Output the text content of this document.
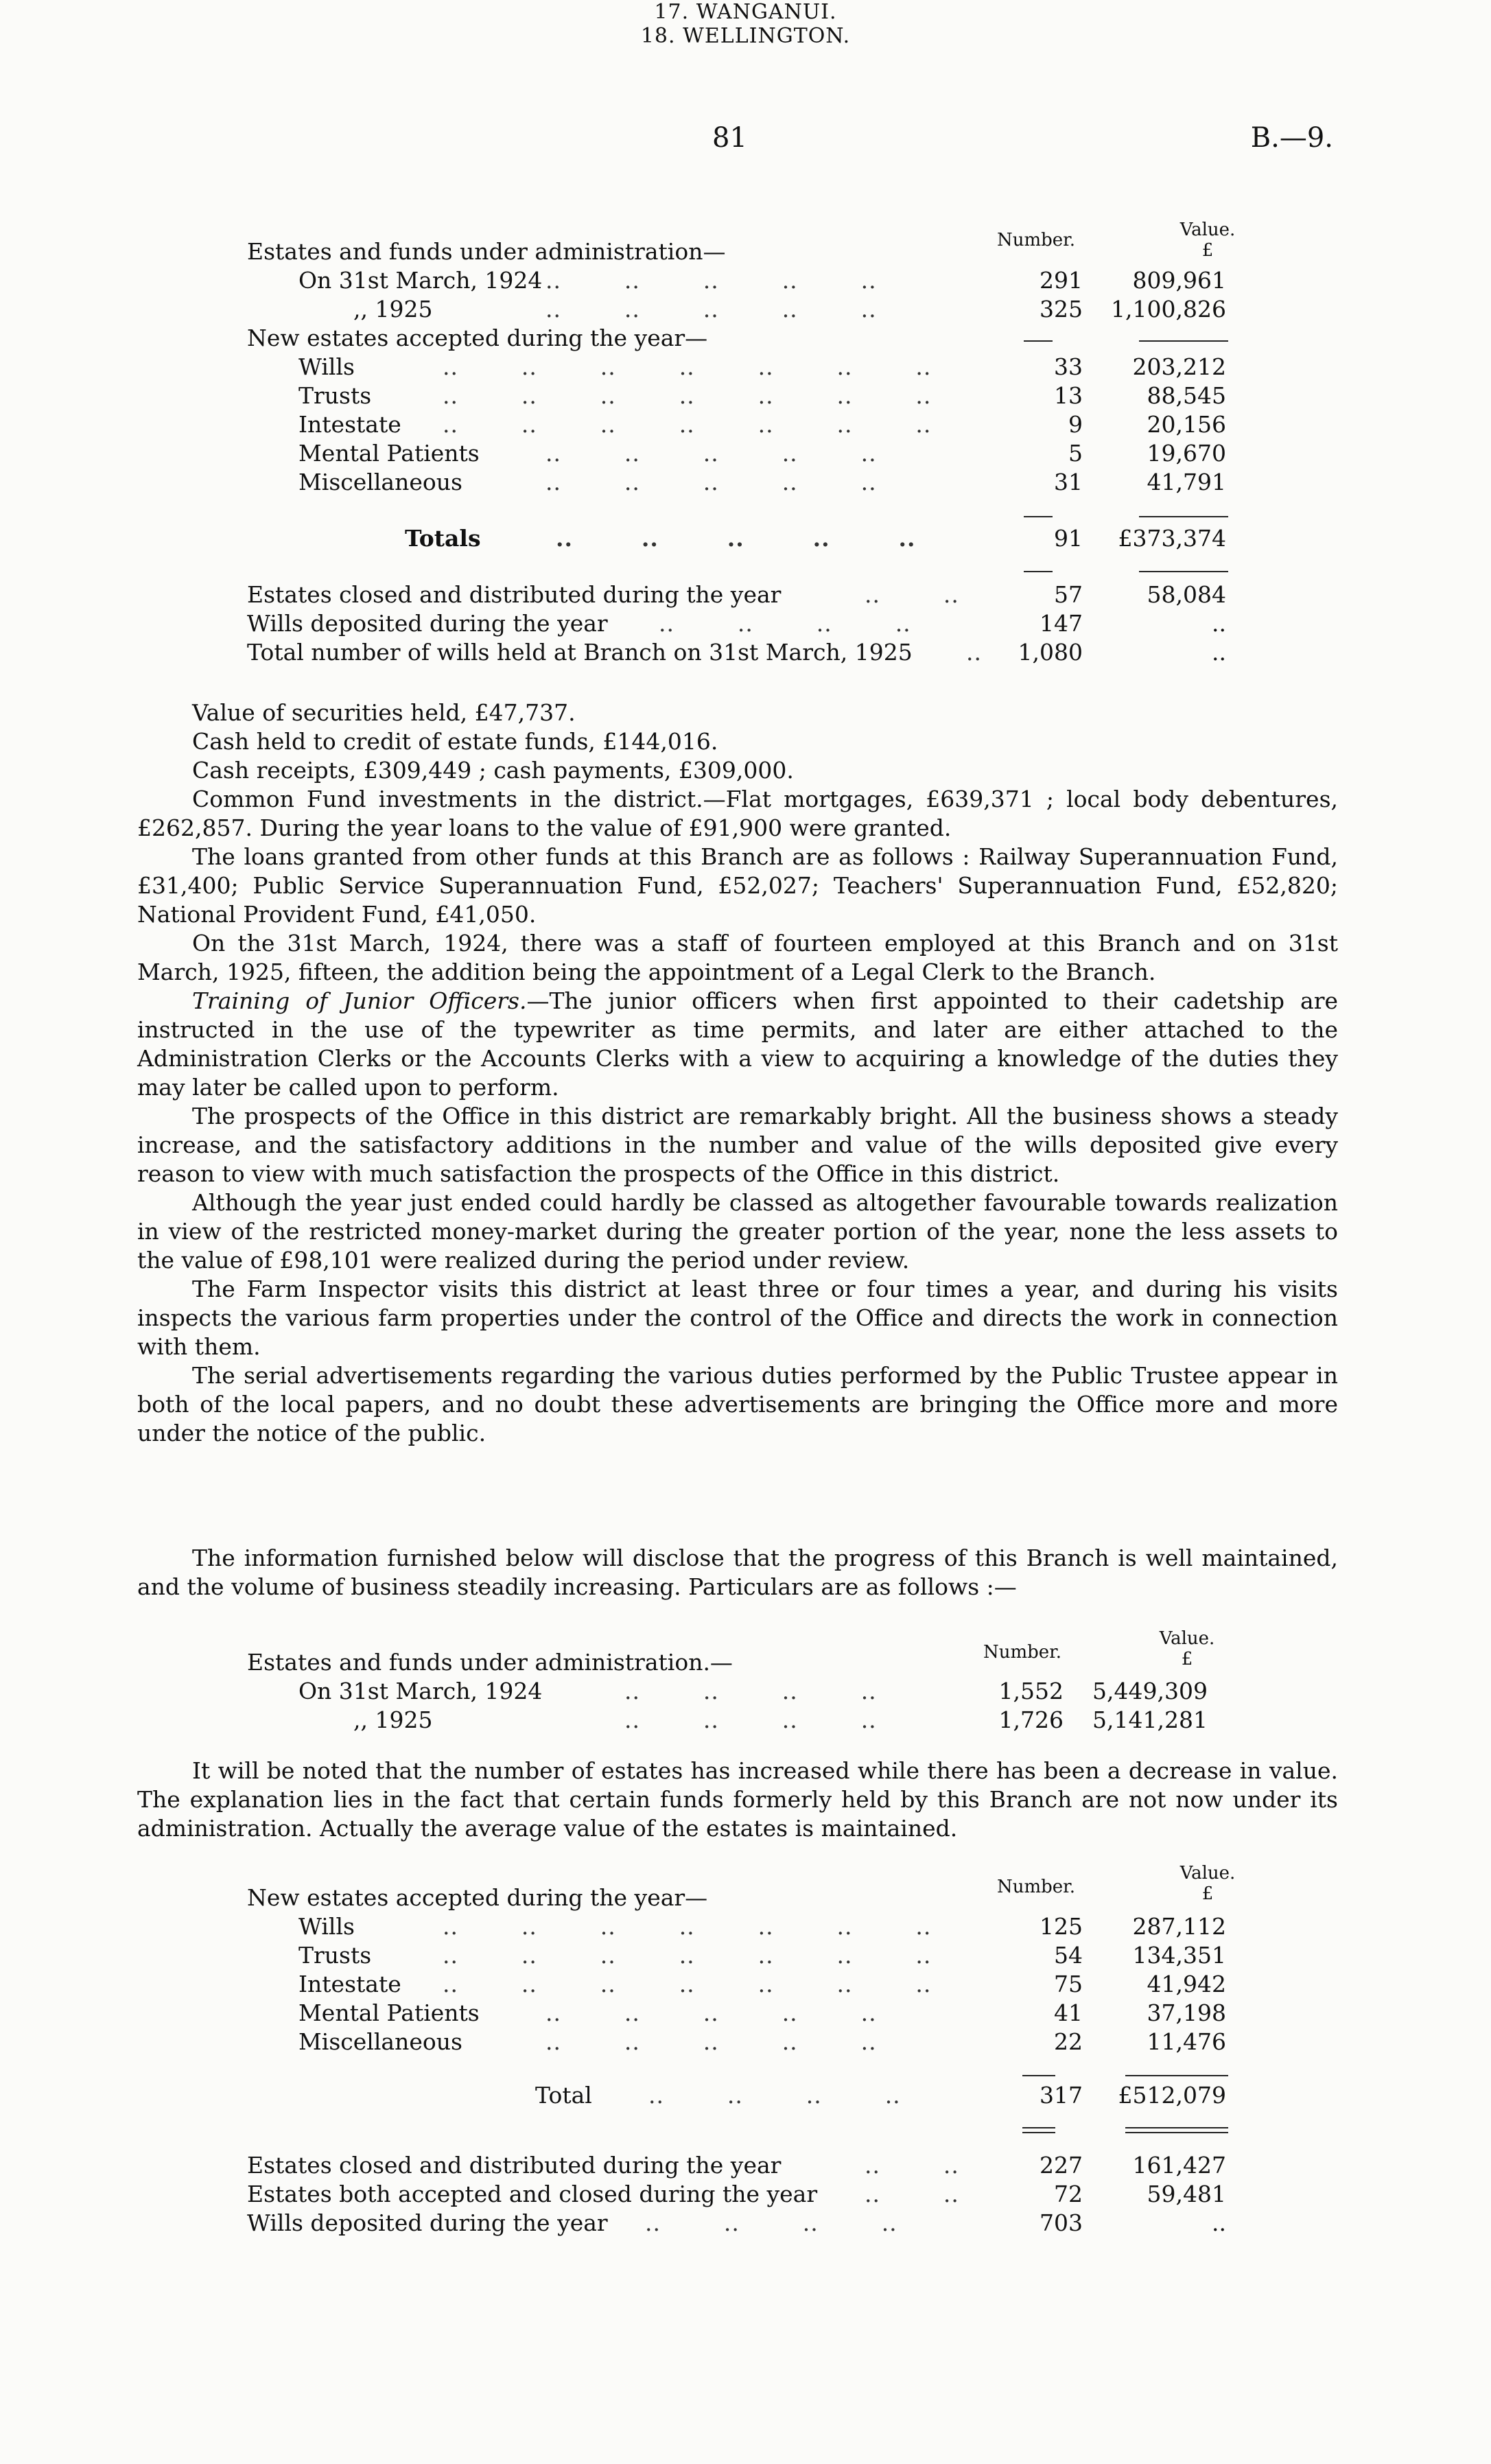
81	B.—9.
17. WANGANUI.
Number.	Value.
£
Estates and funds under administration—
On 31st March, 1924 ..        ..        ..        ..        ..	291 809,961
,, 1925	..        ..        ..        ..        ..	325 1,100,826
New estates accepted during the year—
Wills	..        ..        ..        ..        ..        ..        ..	33 203,212
Trusts	..        ..        ..        ..        ..        ..        ..	13	88,545
Intestate ..        ..        ..        ..        ..        ..        ..	9	20,156
Mental Patients	..        ..        ..        ..        ..	5	19,670
Miscellaneous	..        ..        ..        ..        ..	31	41,791
Totals	..        ..        ..        ..        ..	91 £373,374
Estates closed and distributed during the year	..        ..	57	58,084
Wills deposited during the year ..        ..        ..        ..	147	..
Total number of wills held at Branch on 31st March, 1925 .. 1,080	..

Value of securities held, £47,737.

Cash held to credit of estate funds, £144,016.

Cash receipts, £309,449 ; cash payments, £309,000.

Common Fund investments in the district.—Flat mortgages, £639,371 ; local body debentures, £262,857. During the year loans to the value of £91,900 were granted.

The loans granted from other funds at this Branch are as follows : Railway Superannuation Fund, £31,400; Public Service Superannuation Fund, £52,027; Teachers' Superannuation Fund, £52,820; National Provident Fund, £41,050.

On the 31st March, 1924, there was a staff of fourteen employed at this Branch and on 31st March, 1925, fifteen, the addition being the appointment of a Legal Clerk to the Branch.

Training of Junior Officers.—The junior officers when first appointed to their cadetship are instructed in the use of the typewriter as time permits, and later are either attached to the Administration Clerks or the Accounts Clerks with a view to acquiring a knowledge of the duties they may later be called upon to perform.

The prospects of the Office in this district are remarkably bright. All the business shows a steady increase, and the satisfactory additions in the number and value of the wills deposited give every reason to view with much satisfaction the prospects of the Office in this district.

Although the year just ended could hardly be classed as altogether favourable towards realization in view of the restricted money-market during the greater portion of the year, none the less assets to the value of £98,101 were realized during the period under review.

The Farm Inspector visits this district at least three or four times a year, and during his visits inspects the various farm properties under the control of the Office and directs the work in connection with them.

The serial advertisements regarding the various duties performed by the Public Trustee appear in both of the local papers, and no doubt these advertisements are bringing the Office more and more under the notice of the public.

18. WELLINGTON.

The information furnished below will disclose that the progress of this Branch is well maintained, and the volume of business steadily increasing. Particulars are as follows :—

Number.
Value.
£
Estates and funds under administration.—
On 31st March, 1924	..        ..        ..        ..	1,552 5,449,309
,, 1925	..        ..        ..        ..	1,726 5,141,281

It will be noted that the number of estates has increased while there has been a decrease in value. The explanation lies in the fact that certain funds formerly held by this Branch are not now under its administration. Actually the average value of the estates is maintained.

Number.
Value.
£
New estates accepted during the year—
Wills	..        ..        ..        ..        ..        ..        ..	125 287,112
Trusts	..        ..        ..        ..        ..        ..        ..	54 134,351
Intestate ..        ..        ..        ..        ..        ..        ..	75	41,942
Mental Patients	..        ..        ..        ..        ..	41	37,198
Miscellaneous	..        ..        ..        ..        ..	22	11,476
Total ..        ..        ..        ..	317 £512,079
Estates closed and distributed during the year	..        ..	227 161,427
Estates both accepted and closed during the year ..        ..	72	59,481
Wills deposited during the year ..        ..        ..        ..	703	..
